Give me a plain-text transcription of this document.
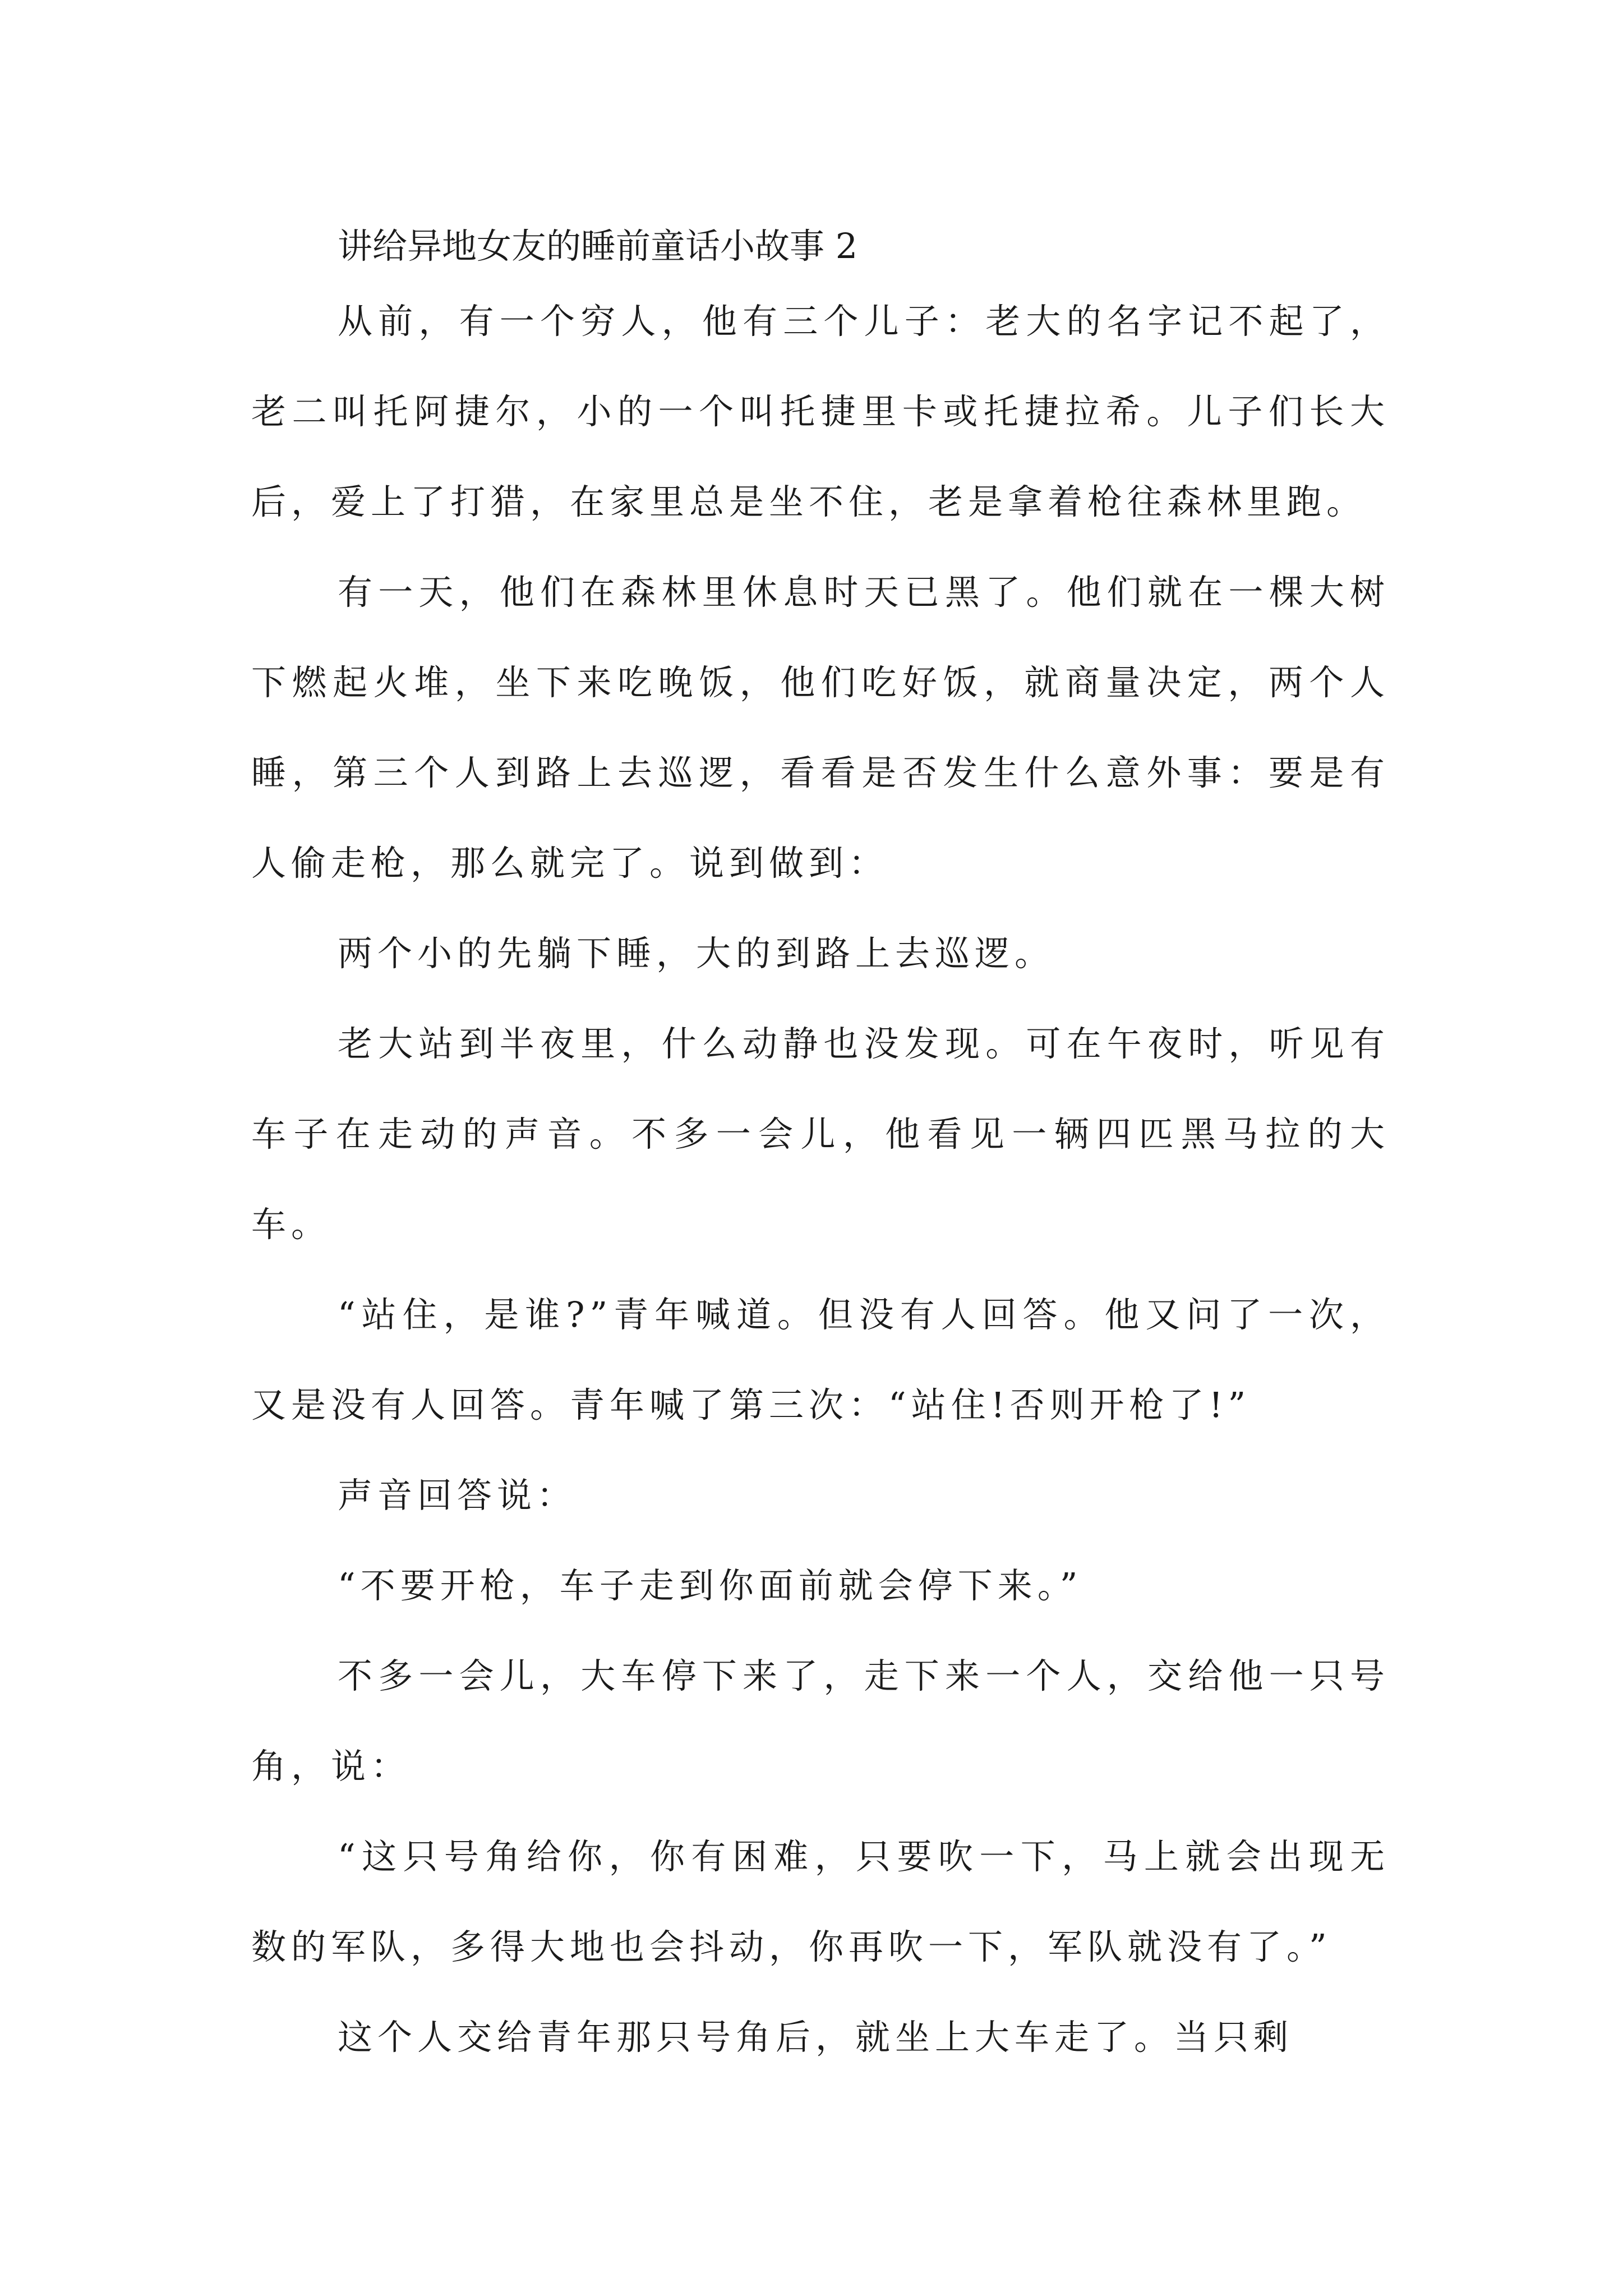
讲给异地女友的睡前童话小故事 2

从前，有一个穷人，他有三个儿子：老大的名字记不起了，老二叫托阿捷尔，小的一个叫托捷里卡或托捷拉希。儿子们长大后，爱上了打猎，在家里总是坐不住，老是拿着枪往森林里跑。

有一天，他们在森林里休息时天已黑了。他们就在一棵大树下燃起火堆，坐下来吃晚饭，他们吃好饭，就商量决定，两个人睡，第三个人到路上去巡逻，看看是否发生什么意外事：要是有人偷走枪，那么就完了。说到做到：

两个小的先躺下睡，大的到路上去巡逻。

老大站到半夜里，什么动静也没发现。可在午夜时，听见有车子在走动的声音。不多一会儿，他看见一辆四匹黑马拉的大车。

“站住，是谁?”青年喊道。但没有人回答。他又问了一次，又是没有人回答。青年喊了第三次：“站住!否则开枪了!”

声音回答说：

“不要开枪，车子走到你面前就会停下来。”

不多一会儿，大车停下来了，走下来一个人，交给他一只号角，说：

“这只号角给你，你有困难，只要吹一下，马上就会出现无数的军队，多得大地也会抖动，你再吹一下，军队就没有了。”

这个人交给青年那只号角后，就坐上大车走了。当只剩
